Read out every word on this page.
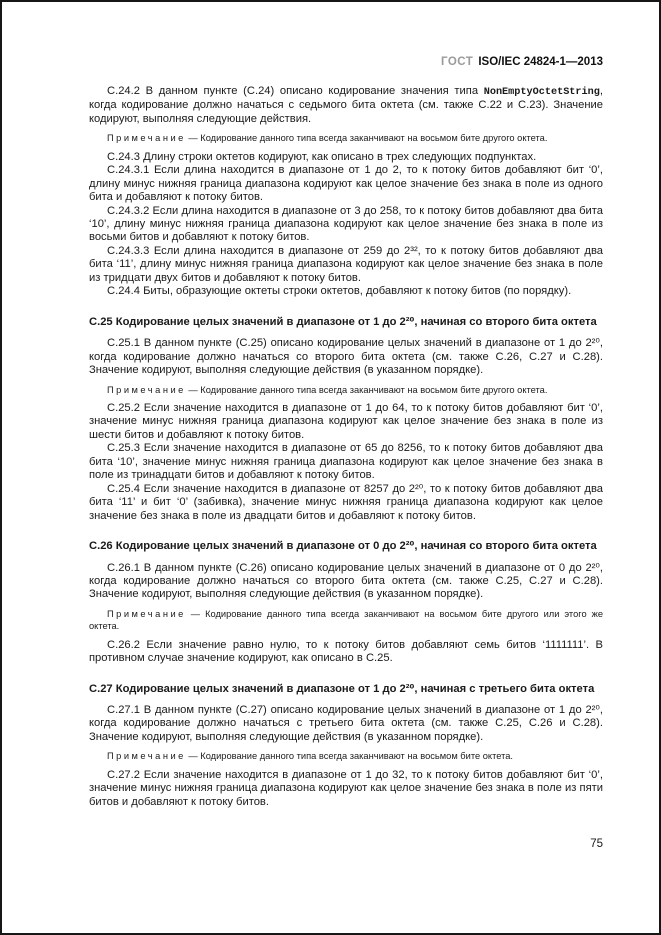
ГОСТ ISO/IEC 24824-1—2013

С.24.2 В данном пункте (С.24) описано кодирование значения типа NonEmptyOctetString, когда кодирование должно начаться с седьмого бита октета (см. также С.22 и С.23). Значение кодируют, выполняя следующие действия.

Примечание — Кодирование данного типа всегда заканчивают на восьмом бите другого октета.

С.24.3 Длину строки октетов кодируют, как описано в трех следующих подпунктах.

С.24.3.1 Если длина находится в диапазоне от 1 до 2, то к потоку битов добавляют бит ‘0’, длину минус нижняя граница диапазона кодируют как целое значение без знака в поле из одного бита и добавляют к потоку битов.

С.24.3.2 Если длина находится в диапазоне от 3 до 258, то к потоку битов добавляют два бита ‘10’, длину минус нижняя граница диапазона кодируют как целое значение без знака в поле из восьми битов и добавляют к потоку битов.

С.24.3.3 Если длина находится в диапазоне от 259 до 2³², то к потоку битов добавляют два бита ‘11’, длину минус нижняя граница диапазона кодируют как целое значение без знака в поле из тридцати двух битов и добавляют к потоку битов.

С.24.4 Биты, образующие октеты строки октетов, добавляют к потоку битов (по порядку).

С.25 Кодирование целых значений в диапазоне от 1 до 2²⁰, начиная со второго бита октета

С.25.1 В данном пункте (С.25) описано кодирование целых значений в диапазоне от 1 до 2²⁰, когда кодирование должно начаться со второго бита октета (см. также С.26, С.27 и С.28). Значение кодируют, выполняя следующие действия (в указанном порядке).

Примечание — Кодирование данного типа всегда заканчивают на восьмом бите другого октета.

С.25.2 Если значение находится в диапазоне от 1 до 64, то к потоку битов добавляют бит ‘0’, значение минус нижняя граница диапазона кодируют как целое значение без знака в поле из шести битов и добавляют к потоку битов.

С.25.3 Если значение находится в диапазоне от 65 до 8256, то к потоку битов добавляют два бита ‘10’, значение минус нижняя граница диапазона кодируют как целое значение без знака в поле из тринадцати битов и добавляют к потоку битов.

С.25.4 Если значение находится в диапазоне от 8257 до 2²⁰, то к потоку битов добавляют два бита ‘11’ и бит ‘0’ (забивка), значение минус нижняя граница диапазона кодируют как целое значение без знака в поле из двадцати битов и добавляют к потоку битов.

С.26 Кодирование целых значений в диапазоне от 0 до 2²⁰, начиная со второго бита октета

С.26.1 В данном пункте (С.26) описано кодирование целых значений в диапазоне от 0 до 2²⁰, когда кодирование должно начаться со второго бита октета (см. также С.25, С.27 и С.28). Значение кодируют, выполняя следующие действия (в указанном порядке).

Примечание — Кодирование данного типа всегда заканчивают на восьмом бите другого или этого же октета.

С.26.2 Если значение равно нулю, то к потоку битов добавляют семь битов ‘1111111’. В противном случае значение кодируют, как описано в С.25.

С.27 Кодирование целых значений в диапазоне от 1 до 2²⁰, начиная с третьего бита октета

С.27.1 В данном пункте (С.27) описано кодирование целых значений в диапазоне от 1 до 2²⁰, когда кодирование должно начаться с третьего бита октета (см. также С.25, С.26 и С.28). Значение кодируют, выполняя следующие действия (в указанном порядке).

Примечание — Кодирование данного типа всегда заканчивают на восьмом бите октета.

С.27.2 Если значение находится в диапазоне от 1 до 32, то к потоку битов добавляют бит ‘0’, значение минус нижняя граница диапазона кодируют как целое значение без знака в поле из пяти битов и добавляют к потоку битов.

75
